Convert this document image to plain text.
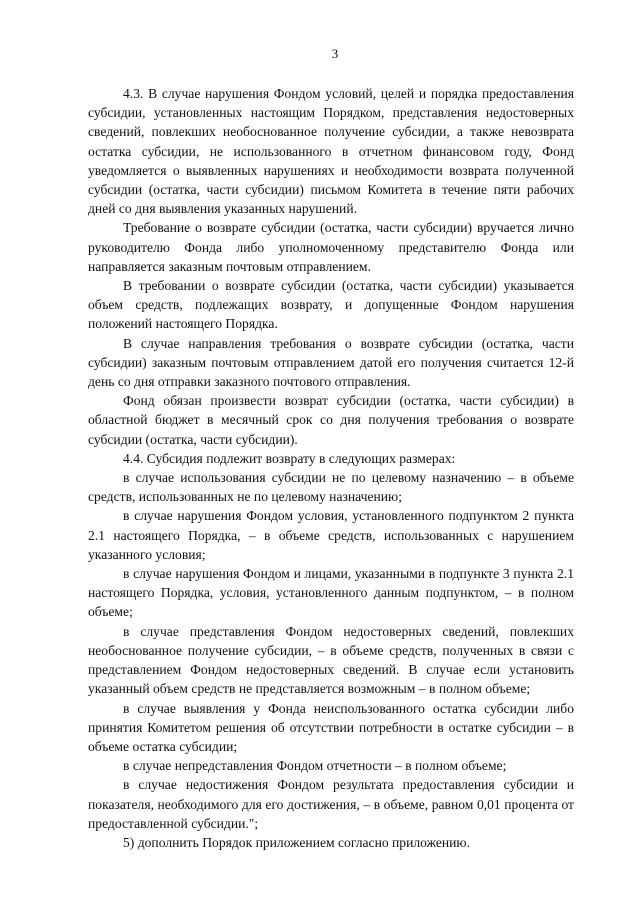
3

4.3. В случае нарушения Фондом условий, целей и порядка предоставления субсидии, установленных настоящим Порядком, представления недостоверных сведений, повлекших необоснованное получение субсидии, а также невозврата остатка субсидии, не использованного в отчетном финансовом году, Фонд уведомляется о выявленных нарушениях и необходимости возврата полученной субсидии (остатка, части субсидии) письмом Комитета в течение пяти рабочих дней со дня выявления указанных нарушений.

Требование о возврате субсидии (остатка, части субсидии) вручается лично руководителю Фонда либо уполномоченному представителю Фонда или направляется заказным почтовым отправлением.

В требовании о возврате субсидии (остатка, части субсидии) указывается объем средств, подлежащих возврату, и допущенные Фондом нарушения положений настоящего Порядка.

В случае направления требования о возврате субсидии (остатка, части субсидии) заказным почтовым отправлением датой его получения считается 12-й день со дня отправки заказного почтового отправления.

Фонд обязан произвести возврат субсидии (остатка, части субсидии) в областной бюджет в месячный срок со дня получения требования о возврате субсидии (остатка, части субсидии).

4.4. Субсидия подлежит возврату в следующих размерах:

в случае использования субсидии не по целевому назначению – в объеме средств, использованных не по целевому назначению;

в случае нарушения Фондом условия, установленного подпунктом 2 пункта 2.1 настоящего Порядка, – в объеме средств, использованных с нарушением указанного условия;

в случае нарушения Фондом и лицами, указанными в подпункте 3 пункта 2.1 настоящего Порядка, условия, установленного данным подпунктом, – в полном объеме;

в случае представления Фондом недостоверных сведений, повлекших необоснованное получение субсидии, – в объеме средств, полученных в связи с представлением Фондом недостоверных сведений. В случае если установить указанный объем средств не представляется возможным – в полном объеме;

в случае выявления у Фонда неиспользованного остатка субсидии либо принятия Комитетом решения об отсутствии потребности в остатке субсидии – в объеме остатка субсидии;

в случае непредставления Фондом отчетности – в полном объеме;

в случае недостижения Фондом результата предоставления субсидии и показателя, необходимого для его достижения, – в объеме, равном 0,01 процента от предоставленной субсидии.";

5) дополнить Порядок приложением согласно приложению.
